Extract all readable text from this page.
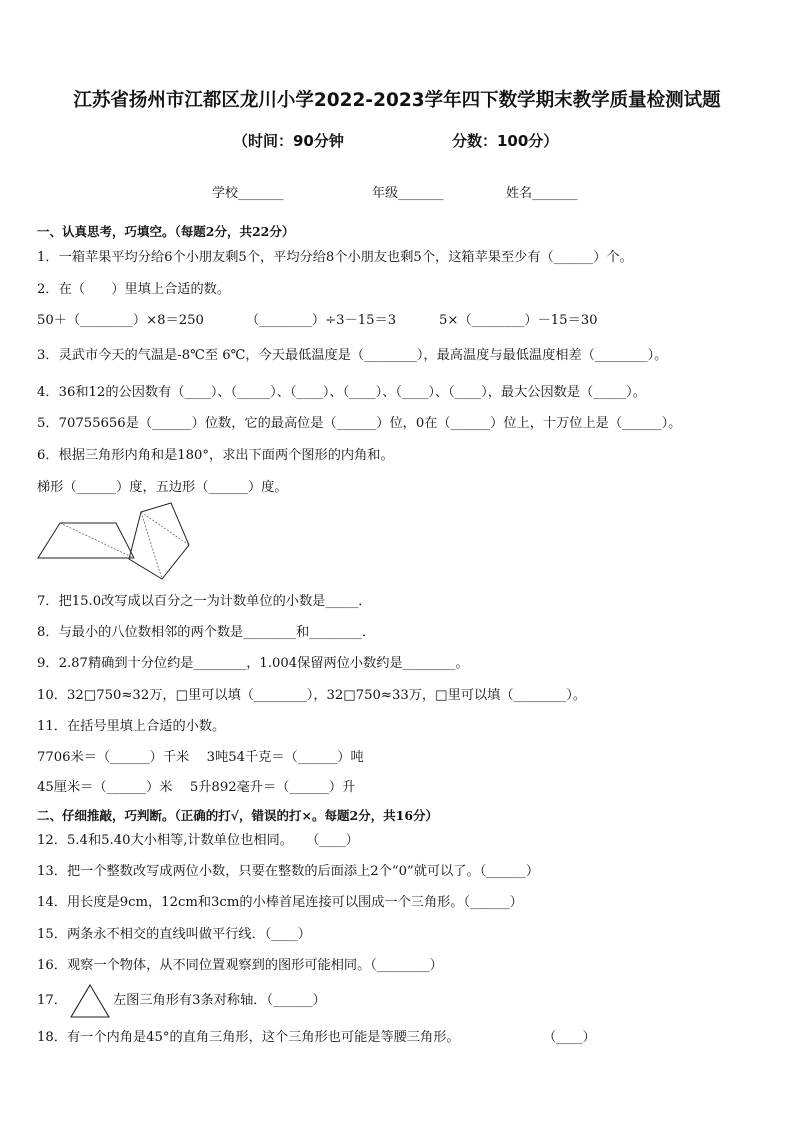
江苏省扬州市江都区龙川小学2022-2023学年四下数学期末教学质量检测试题
（时间：90分钟	分数：100分）
学校_______	年级_______	姓名_______
一、认真思考，巧填空。（每题2分，共22分）
1．一箱苹果平均分给6个小朋友剩5个，平均分给8个小朋友也剩5个，这箱苹果至少有（______）个。
2．在（　　）里填上合适的数。
50＋（________）×8＝250	（________）÷3－15＝3	5×（________）－15＝30
3．灵武市今天的气温是-8℃至 6℃，今天最低温度是（________），最高温度与最低温度相差（________）。
4．36和12的公因数有（____）、（_____）、（____）、（____）、（____）、（____），最大公因数是（_____）。
5．70755656是（______）位数，它的最高位是（______）位，0在（______）位上，十万位上是（______）。
6．根据三角形内角和是180°，求出下面两个图形的内角和。
梯形（______）度，五边形（______）度。
7．把15.0改写成以百分之一为计数单位的小数是_____．
8．与最小的八位数相邻的两个数是________和________．
9．2.87精确到十分位约是________，1.004保留两位小数约是________。
10．32□750≈32万，□里可以填（________），32□750≈33万，□里可以填（________）。
11．在括号里填上合适的小数。
7706米＝（______）千米　 3吨54千克＝（______）吨
45厘米＝（______）米　 5升892毫升＝（______）升
二、仔细推敲，巧判断。（正确的打√，错误的打×。每题2分，共16分）
12．5.4和5.40大小相等,计数单位也相同。　　（____）
13．把一个整数改写成两位小数，只要在整数的后面添上2个“0”就可以了。（______）
14．用长度是9cm，12cm和3cm的小棒首尾连接可以围成一个三角形。（______）
15．两条永不相交的直线叫做平行线．（____）
16．观察一个物体，从不同位置观察到的图形可能相同。（________）
17．	左图三角形有3条对称轴．（______）
18．有一个内角是45°的直角三角形，这个三角形也可能是等腰三角形。	（____）
